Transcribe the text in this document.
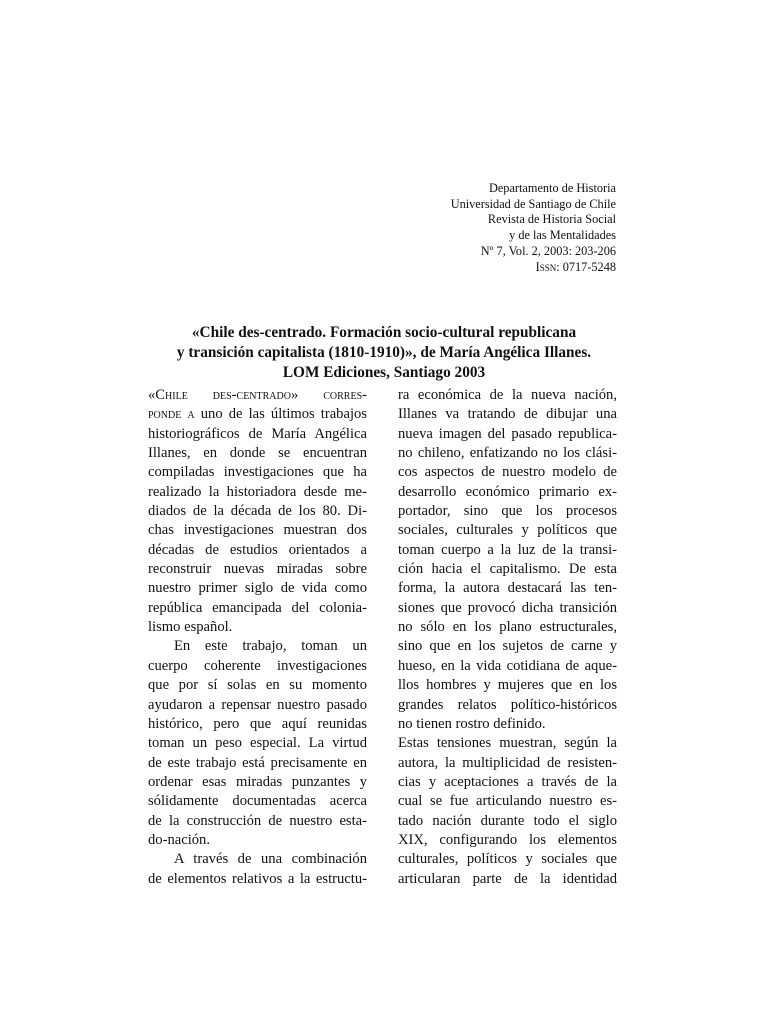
Departamento de Historia
Universidad de Santiago de Chile
Revista de Historia Social
y de las Mentalidades
Nº 7, Vol. 2, 2003: 203-206
Issn: 0717-5248
«Chile des-centrado. Formación socio-cultural republicana
y transición capitalista (1810-1910)», de María Angélica Illanes.
LOM Ediciones, Santiago 2003
«Chile des-centrado» corres-
ponde a uno de las últimos trabajos
historiográficos de María Angélica
Illanes, en donde se encuentran
compiladas investigaciones que ha
realizado la historiadora desde me-
diados de la década de los 80. Di-
chas investigaciones muestran dos
décadas de estudios orientados a
reconstruir nuevas miradas sobre
nuestro primer siglo de vida como
república emancipada del colonia-
lismo español.
En este trabajo, toman un
cuerpo coherente investigaciones
que por sí solas en su momento
ayudaron a repensar nuestro pasado
histórico, pero que aquí reunidas
toman un peso especial. La virtud
de este trabajo está precisamente en
ordenar esas miradas punzantes y
sólidamente documentadas acerca
de la construcción de nuestro esta-
do-nación.
A través de una combinación
de elementos relativos a la estructu-
ra económica de la nueva nación,
Illanes va tratando de dibujar una
nueva imagen del pasado republica-
no chileno, enfatizando no los clási-
cos aspectos de nuestro modelo de
desarrollo económico primario ex-
portador, sino que los procesos
sociales, culturales y políticos que
toman cuerpo a la luz de la transi-
ción hacia el capitalismo. De esta
forma, la autora destacará las ten-
siones que provocó dicha transición
no sólo en los plano estructurales,
sino que en los sujetos de carne y
hueso, en la vida cotidiana de aque-
llos hombres y mujeres que en los
grandes relatos político-históricos
no tienen rostro definido.
Estas tensiones muestran, según la
autora, la multiplicidad de resisten-
cias y aceptaciones a través de la
cual se fue articulando nuestro es-
tado nación durante todo el siglo
XIX, configurando los elementos
culturales, políticos y sociales que
articularan parte de la identidad
